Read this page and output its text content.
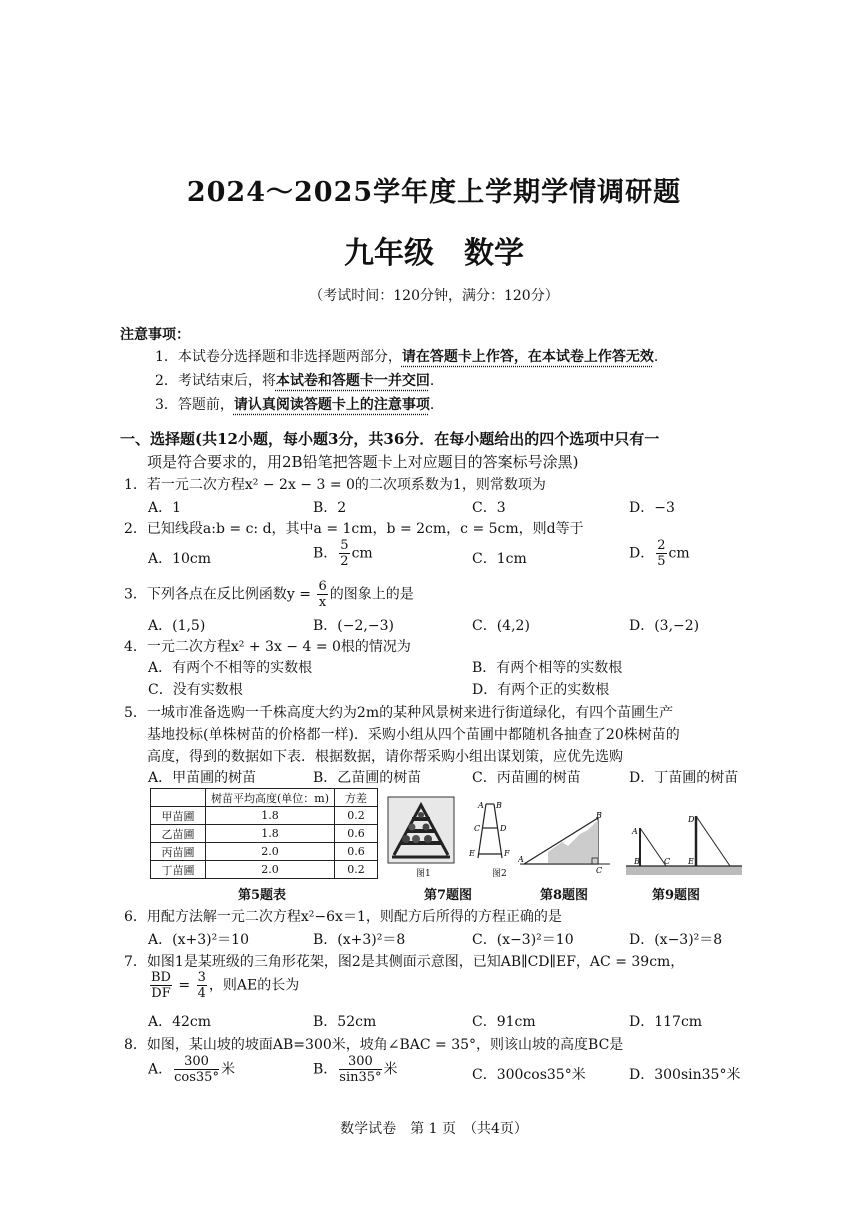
2024～2025学年度上学期学情调研题
九年级　数学
（考试时间：120分钟，满分：120分）
注意事项：
1．本试卷分选择题和非选择题两部分，请在答题卡上作答，在本试卷上作答无效．
2．考试结束后，将本试卷和答题卡一并交回．
3．答题前，请认真阅读答题卡上的注意事项．
一、选择题(共12小题，每小题3分，共36分．在每小题给出的四个选项中只有一
项是符合要求的，用2B铅笔把答题卡上对应题目的答案标号涂黑)
1．若一元二次方程x² − 2x − 3 = 0的二次项系数为1，则常数项为
A．1	B．2	C．3	D．−3
2．已知线段a:b = c: d，其中a = 1cm，b = 2cm，c = 5cm，则d等于
A．10cm	B． $\frac{5}{2}$ cm	C．1cm	D． $\frac{2}{5}$ cm
3．下列各点在反比例函数$y = \frac{6}{x}$ 的图象上的是
A．(1,5)	B．(−2,−3)	C．(4,2)	D．(3,−2)
4．一元二次方程x² + 3x − 4 = 0根的情况为
A．有两个不相等的实数根	B．有两个相等的实数根
C．没有实数根	D．有两个正的实数根
5．一城市准备选购一千株高度大约为2m的某种风景树来进行街道绿化，有四个苗圃生产
基地投标(单株树苗的价格都一样)．采购小组从四个苗圃中都随机各抽查了20株树苗的
高度，得到的数据如下表．根据数据，请你帮采购小组出谋划策，应优先选购
A．甲苗圃的树苗	B．乙苗圃的树苗	C．丙苗圃的树苗	D．丁苗圃的树苗
	树苗平均高度(单位：m)	方差
甲苗圃	1.8	0.2
乙苗圃	1.8	0.6
丙苗圃	2.0	0.6
丁苗圃	2.0	0.2	图1
A B
C D
E	F
图2
A
B
C
A
B	C
D
E
第5题表	第7题图	第8题图	第9题图
6．用配方法解一元二次方程x²−6x＝1，则配方后所得的方程正确的是
A．(x+3)²＝10	B．(x+3)²＝8	C．(x−3)²＝10	D．(x−3)²＝8
7．如图1是某班级的三角形花架，图2是其侧面示意图，已知AB∥CD∥EF，AC = 39cm，
$\frac{BD}{DF} = \frac{3}{4}$ ，则AE的长为
A．42cm	B．52cm	C．91cm	D．117cm
8．如图，某山坡的坡面AB=300米，坡角∠BAC = 35°，则该山坡的高度BC是
A． $\frac{300}{\cos 35^\circ}$ 米	B． $\frac{300}{\sin 35^\circ}$ 米	C．300cos35°米	D．300sin35°米
数学试卷　第 1 页　（共4页）
